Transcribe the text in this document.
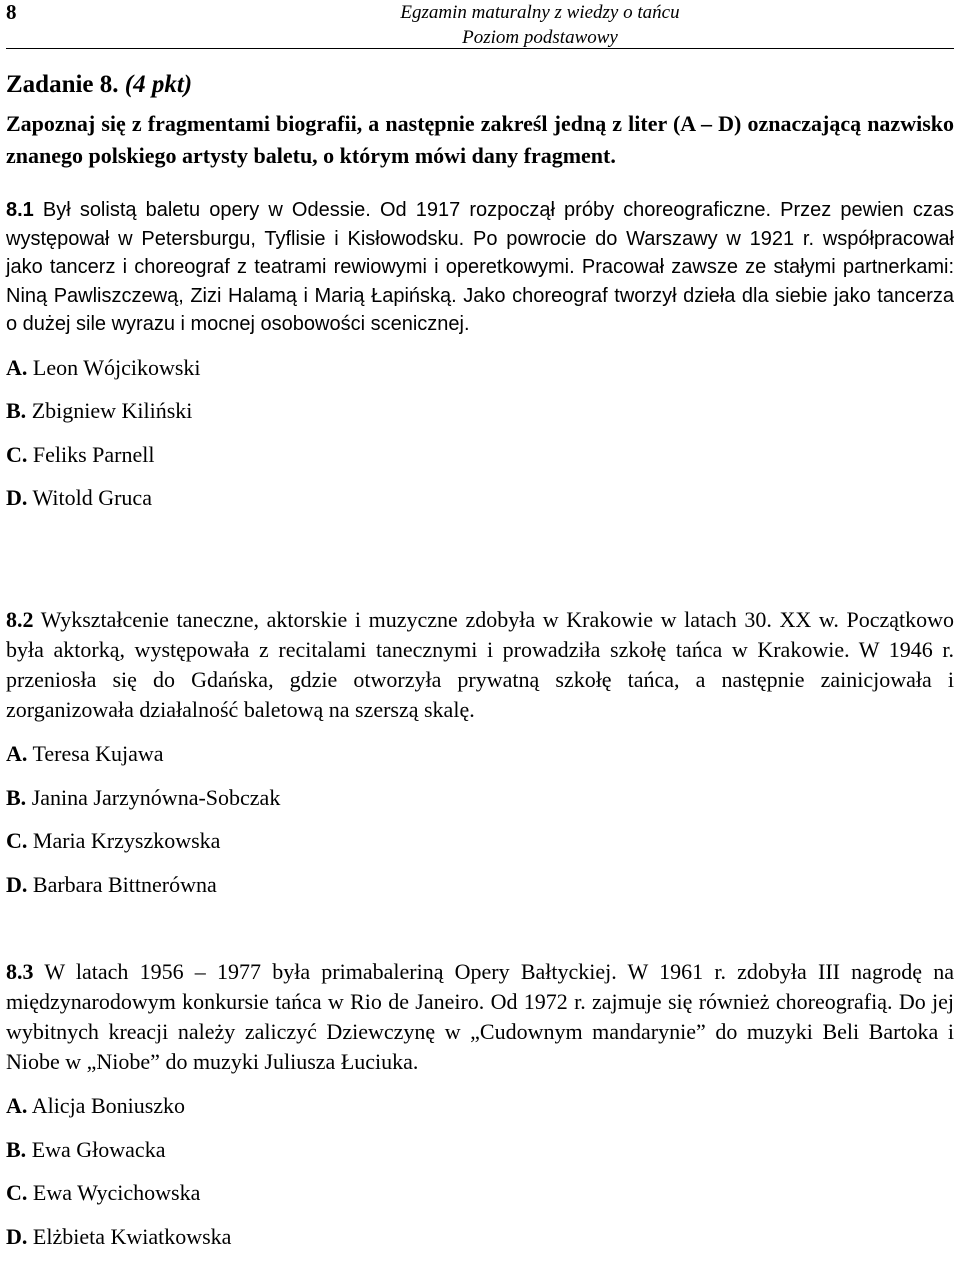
8	Egzamin maturalny z wiedzy o tańcu
Poziom podstawowy
Zadanie 8. (4 pkt)
Zapoznaj się z fragmentami biografii, a następnie zakreśl jedną z liter (A – D) oznaczającą nazwisko znanego polskiego artysty baletu, o którym mówi dany fragment.
8.1 Był solistą baletu opery w Odessie. Od 1917 rozpoczął próby choreograficzne. Przez pewien czas występował w Petersburgu, Tyflisie i Kisłowodsku. Po powrocie do Warszawy w 1921 r. współpracował jako tancerz i choreograf z teatrami rewiowymi i operetkowymi. Pracował zawsze ze stałymi partnerkami: Niną Pawliszczewą, Zizi Halamą i Marią Łapińską. Jako choreograf tworzył dzieła dla siebie jako tancerza o dużej sile wyrazu i mocnej osobowości scenicznej.
A. Leon Wójcikowski
B. Zbigniew Kiliński
C. Feliks Parnell
D. Witold Gruca
8.2 Wykształcenie taneczne, aktorskie i muzyczne zdobyła w Krakowie w latach 30. XX w. Początkowo była aktorką, występowała z recitalami tanecznymi i prowadziła szkołę tańca w Krakowie. W 1946 r. przeniosła się do Gdańska, gdzie otworzyła prywatną szkołę tańca, a następnie zainicjowała i zorganizowała działalność baletową na szerszą skalę.
A. Teresa Kujawa
B. Janina Jarzynówna-Sobczak
C. Maria Krzyszkowska
D. Barbara Bittnerówna
8.3 W latach 1956 – 1977 była primabaleriną Opery Bałtyckiej. W 1961 r. zdobyła III nagrodę na międzynarodowym konkursie tańca w Rio de Janeiro. Od 1972 r. zajmuje się również choreografią. Do jej wybitnych kreacji należy zaliczyć Dziewczynę w „Cudownym mandarynie” do muzyki Beli Bartoka i Niobe w „Niobe” do muzyki Juliusza Łuciuka.
A. Alicja Boniuszko
B. Ewa Głowacka
C. Ewa Wycichowska
D. Elżbieta Kwiatkowska
